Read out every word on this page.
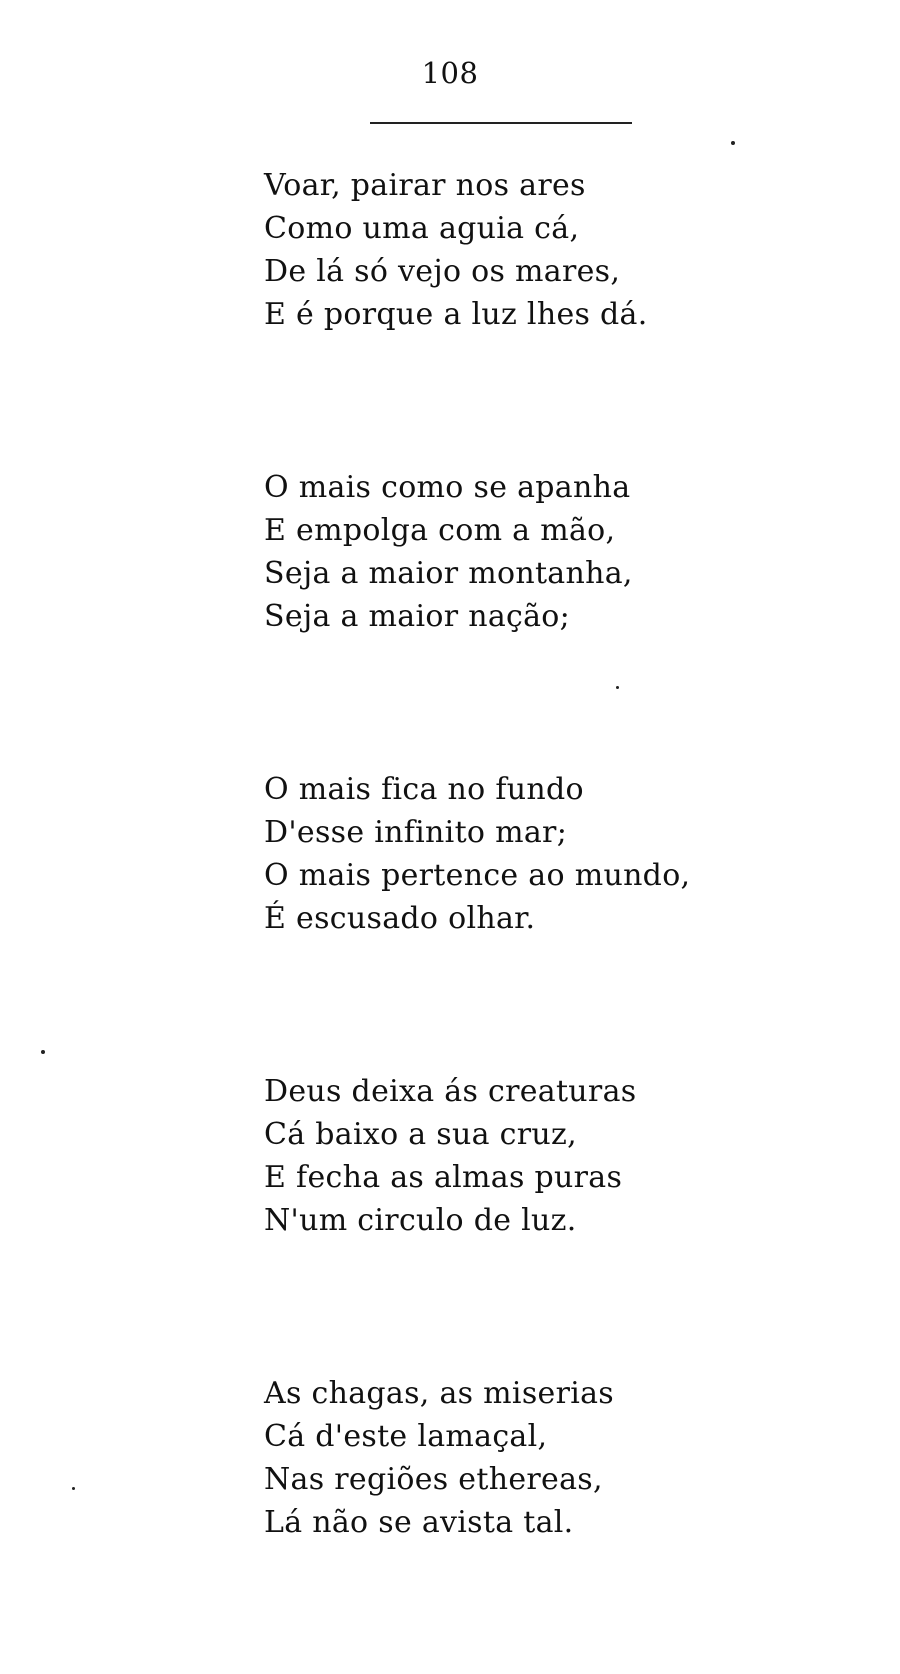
108
Voar, pairar nos ares
Como uma aguia cá,
De lá só vejo os mares,
E é porque a luz lhes dá.
O mais como se apanha
E empolga com a mão,
Seja a maior montanha,
Seja a maior nação;
O mais fica no fundo
D'esse infinito mar;
O mais pertence ao mundo,
É escusado olhar.
Deus deixa ás creaturas
Cá baixo a sua cruz,
E fecha as almas puras
N'um circulo de luz.
As chagas, as miserias
Cá d'este lamaçal,
Nas regiões ethereas,
Lá não se avista tal.
